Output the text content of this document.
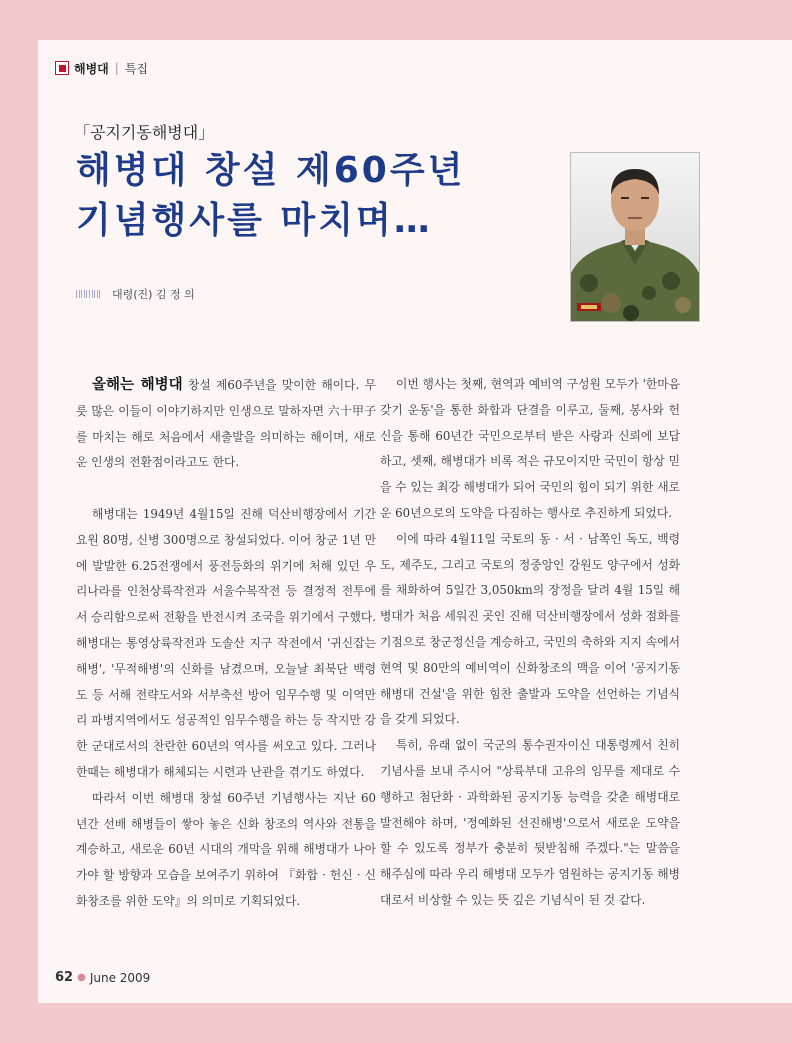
해병대 | 특집
「공지기동해병대」
해병대 창설 제60주년
기념행사를 마치며…
대령(진) 김 정 의

올해는 해병대 창설 제60주년을 맞이한 해이다. 무릇 많은 이들이 이야기하지만 인생으로 말하자면 六十甲子를 마치는 해로 처음에서 새출발을 의미하는 해이며, 새로운 인생의 전환점이라고도 한다.

해병대는 1949년 4월15일 진해 덕산비행장에서 기간요원 80명, 신병 300명으로 창설되었다. 이어 창군 1년 만에 발발한 6.25전쟁에서 풍전등화의 위기에 처해 있던 우리나라를 인천상륙작전과 서울수복작전 등 결정적 전투에서 승리함으로써 전황을 반전시켜 조국을 위기에서 구했다. 해병대는 통영상륙작전과 도솔산 지구 작전에서 '귀신잡는 해병', '무적해병'의 신화를 남겼으며, 오늘날 최북단 백령도 등 서해 전략도서와 서부축선 방어 임무수행 및 이역만리 파병지역에서도 성공적인 임무수행을 하는 등 작지만 강한 군대로서의 찬란한 60년의 역사를 써오고 있다. 그러나 한때는 해병대가 해체되는 시련과 난관을 겪기도 하였다.

따라서 이번 해병대 창설 60주년 기념행사는 지난 60년간 선배 해병들이 쌓아 놓은 신화 창조의 역사와 전통을 계승하고, 새로운 60년 시대의 개막을 위해 해병대가 나아가야 할 방향과 모습을 보여주기 위하여 『화합 · 헌신 · 신화창조를 위한 도약』의 의미로 기획되었다.

이번 행사는 첫째, 현역과 예비역 구성원 모두가 '한마음 갖기 운동'을 통한 화합과 단결을 이루고, 둘째, 봉사와 헌신을 통해 60년간 국민으로부터 받은 사랑과 신뢰에 보답하고, 셋째, 해병대가 비록 적은 규모이지만 국민이 항상 믿을 수 있는 최강 해병대가 되어 국민의 힘이 되기 위한 새로운 60년으로의 도약을 다짐하는 행사로 추진하게 되었다.

이에 따라 4월11일 국토의 동 · 서 · 남쪽인 독도, 백령도, 제주도, 그리고 국토의 정중앙인 강원도 양구에서 성화를 채화하여 5일간 3,050km의 장정을 달려 4월 15일 해병대가 처음 세워진 곳인 진해 덕산비행장에서 성화 점화를 기점으로 창군정신을 계승하고, 국민의 축하와 지지 속에서 현역 및 80만의 예비역이 신화창조의 맥을 이어 '공지기동 해병대 건설'을 위한 힘찬 출발과 도약을 선언하는 기념식을 갖게 되었다.

특히, 유래 없이 국군의 통수권자이신 대통령께서 친히 기념사를 보내 주시어 "상륙부대 고유의 임무를 제대로 수행하고 첨단화 · 과학화된 공지기동 능력을 갖춘 해병대로 발전해야 하며, '정예화된 선진해병'으로서 새로운 도약을 할 수 있도록 정부가 충분히 뒷받침해 주겠다."는 말씀을 해주심에 따라 우리 해병대 모두가 염원하는 공지기동 해병대로서 비상할 수 있는 뜻 깊은 기념식이 된 것 같다.

62 ● June 2009
